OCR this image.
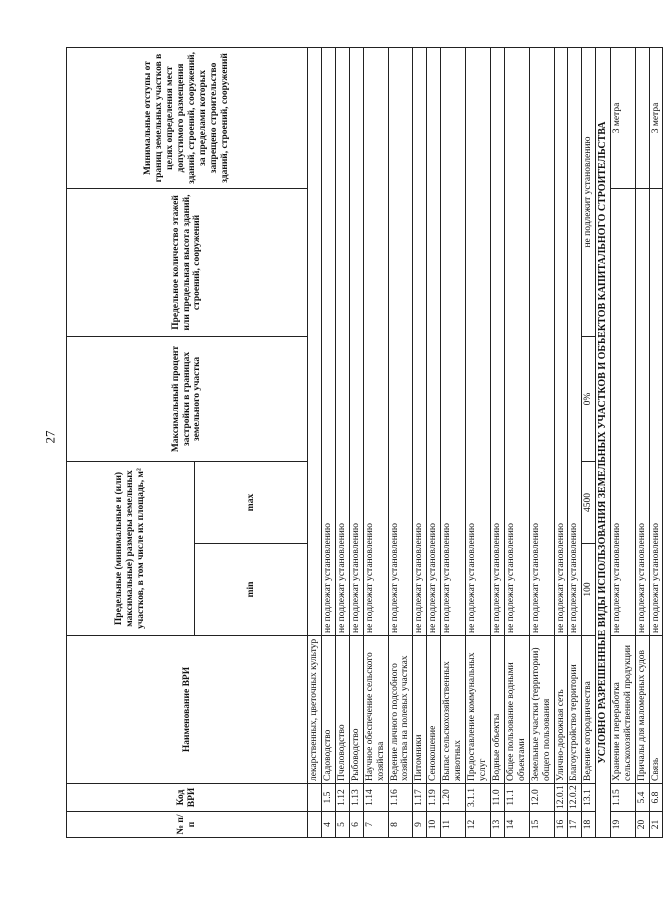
27
№ п/п	Код ВРИ	Наименование ВРИ	Предельные (минимальные и (или) максимальные) размеры земельных участков, в том числе их площадь, м²		Максимальный процент застройки в границах земельного участка	Предельное количество этажей или предельная высота зданий, строений, сооружений	Минимальные отступы от границ земельных участков в целях определения мест допустимого размещения зданий, строений, сооружений, за пределами которых запрещено строительство зданий, строений, сооружений
			min	max			
		лекарственных, цветочных культур					
4	1.5	Садоводство	не подлежат установлению				
5	1.12	Пчеловодство	не подлежат установлению				
6	1.13	Рыбоводство	не подлежат установлению				
7	1.14	Научное обеспечение сельского хозяйства	не подлежат установлению				
8	1.16	Ведение личного подсобного хозяйства на полевых участках	не подлежат установлению				
9	1.17	Питомники	не подлежат установлению				
10	1.19	Сенокошение	не подлежат установлению				
11	1.20	Выпас сельскохозяйственных животных	не подлежат установлению				
12	3.1.1	Предоставление коммунальных услуг	не подлежат установлению				
13	11.0	Водные объекты	не подлежат установлению				
14	11.1	Общее пользование водными объектами	не подлежат установлению				
15	12.0	Земельные участки (территории) общего пользования	не подлежат установлению				
16	12.0.1	Улично-дорожная сеть	не подлежат установлению				
17	12.0.2	Благоустройство территории	не подлежат установлению				
18	13.1	Ведение огородничества	100	4500	0%	не подлежит установлению	
УСЛОВНО РАЗРЕШЕННЫЕ ВИДЫ ИСПОЛЬЗОВАНИЯ ЗЕМЕЛЬНЫХ УЧАСТКОВ И ОБЪЕКТОВ КАПИТАЛЬНОГО СТРОИТЕЛЬСТВА							
19	1.15	Хранение и переработка сельскохозяйственной продукции	не подлежат установлению				3 метра
20	5.4	Причалы для маломерных судов	не подлежат установлению				
21	6.8	Связь	не подлежат установлению				3 метра
